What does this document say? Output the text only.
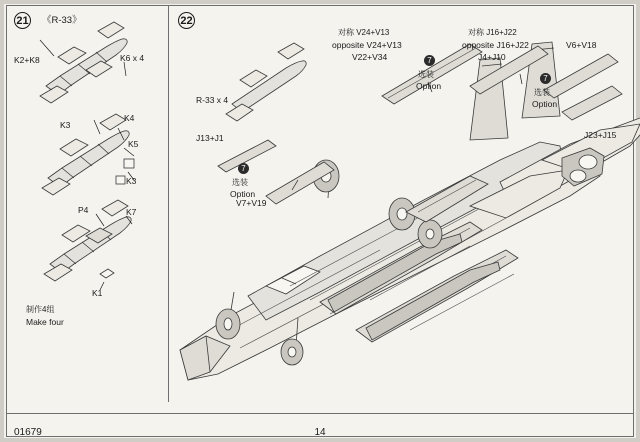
21 《R-33》
K2+K8	K6 x 4
K3
K4
K5
K3
P4	K7
K1
制作4组
Make four
22
R-33 x 4
J13+J1
V7+V19
V6+V18
J23+J15
对称 V24+V13
opposite V24+V13
V22+V34
对称 J16+J22
opposite J16+J22
J4+J10
7
选装
Option
7
选装
Option
7
选装
Option
01679	14
